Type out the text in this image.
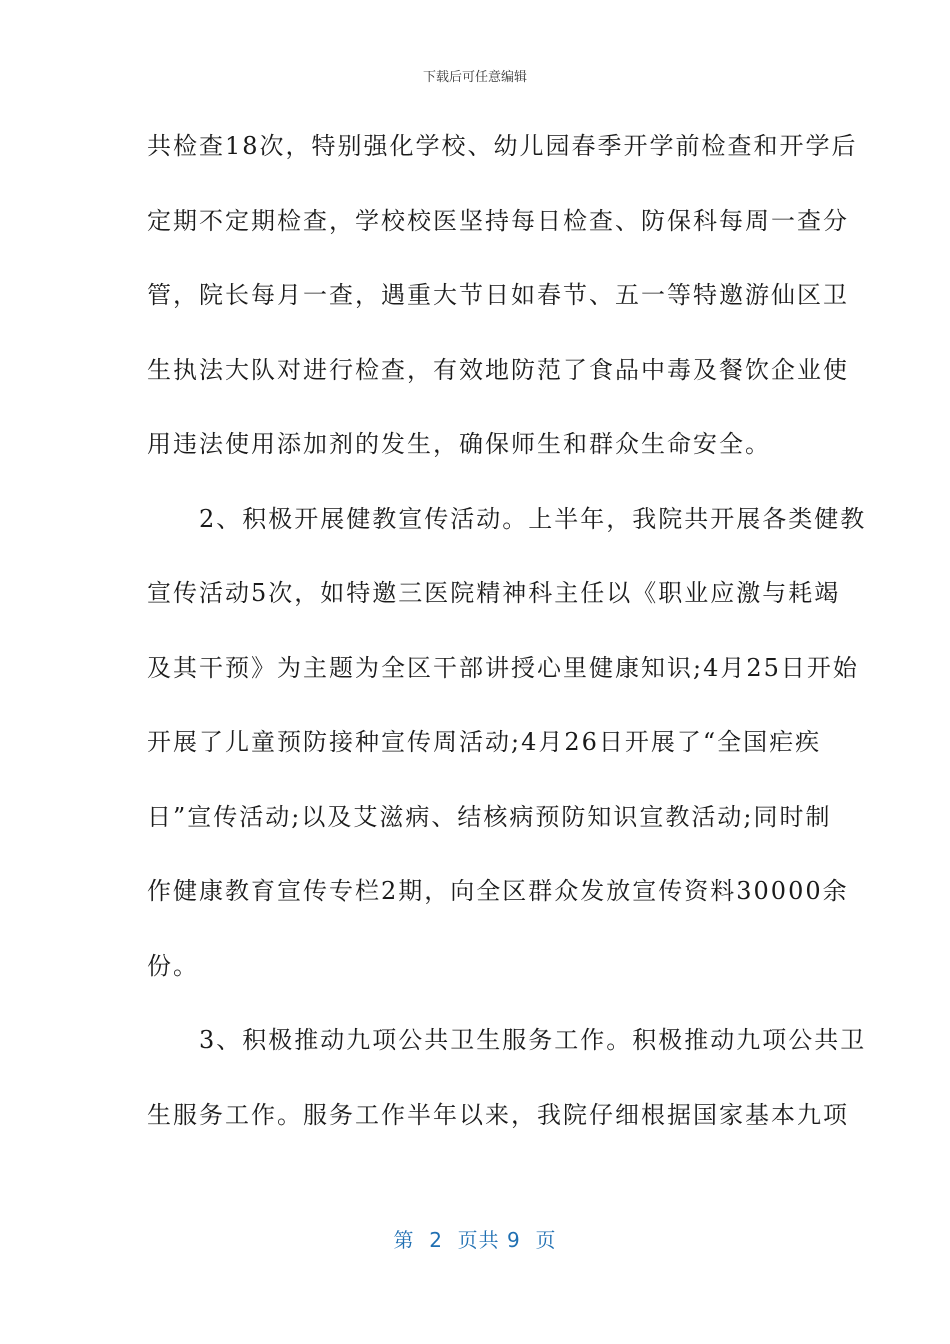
下载后可任意编辑
共检查18次，特别强化学校、幼儿园春季开学前检查和开学后
定期不定期检查，学校校医坚持每日检查、防保科每周一查分
管，院长每月一查，遇重大节日如春节、五一等特邀游仙区卫
生执法大队对进行检查，有效地防范了食品中毒及餐饮企业使
用违法使用添加剂的发生，确保师生和群众生命安全。
　　2、积极开展健教宣传活动。上半年，我院共开展各类健教
宣传活动5次，如特邀三医院精神科主任以《职业应激与耗竭
及其干预》为主题为全区干部讲授心里健康知识;4月25日开始
开展了儿童预防接种宣传周活动;4月26日开展了“全国疟疾
日”宣传活动;以及艾滋病、结核病预防知识宣教活动;同时制
作健康教育宣传专栏2期，向全区群众发放宣传资料30000余
份。
　　3、积极推动九项公共卫生服务工作。积极推动九项公共卫
生服务工作。服务工作半年以来，我院仔细根据国家基本九项
第  2  页共 9  页
